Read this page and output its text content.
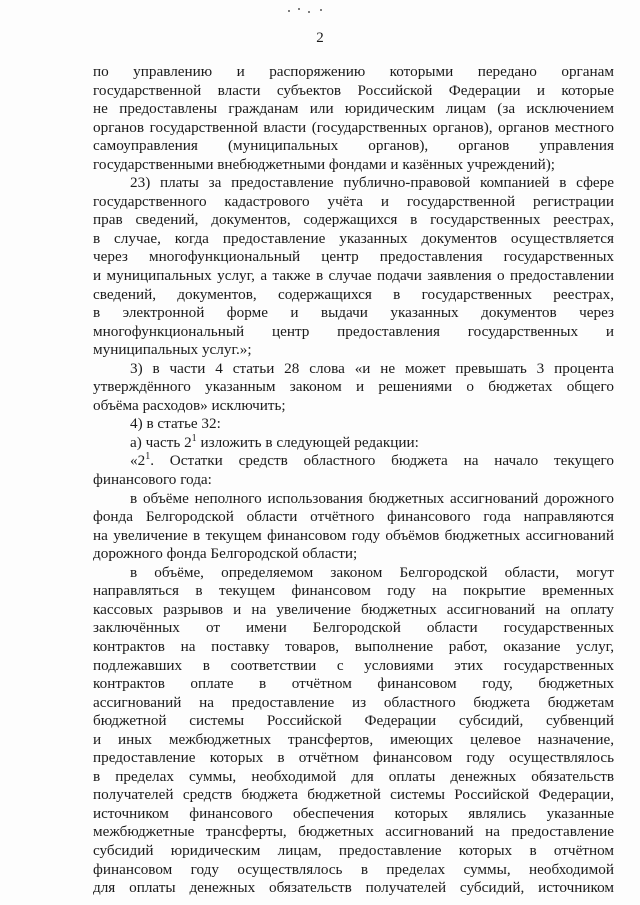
2
по управлению и распоряжению которыми передано органам
государственной власти субъектов Российской Федерации и которые
не предоставлены гражданам или юридическим лицам (за исключением
органов государственной власти (государственных органов), органов местного
самоуправления (муниципальных органов), органов управления
государственными внебюджетными фондами и казённых учреждений);
23) платы за предоставление публично-правовой компанией в сфере
государственного кадастрового учёта и государственной регистрации
прав сведений, документов, содержащихся в государственных реестрах,
в случае, когда предоставление указанных документов осуществляется
через многофункциональный центр предоставления государственных
и муниципальных услуг, а также в случае подачи заявления о предоставлении
сведений, документов, содержащихся в государственных реестрах,
в электронной форме и выдачи указанных документов через
многофункциональный центр предоставления государственных и
муниципальных услуг.»;
3) в части 4 статьи 28 слова «и не может превышать 3 процента
утверждённого указанным законом и решениями о бюджетах общего
объёма расходов» исключить;
4) в статье 32:
а) часть $2^1$ изложить в следующей редакции:
«$2^1$. Остатки средств областного бюджета на начало текущего
финансового года:
в объёме неполного использования бюджетных ассигнований дорожного
фонда Белгородской области отчётного финансового года направляются
на увеличение в текущем финансовом году объёмов бюджетных ассигнований
дорожного фонда Белгородской области;
в объёме, определяемом законом Белгородской области, могут
направляться в текущем финансовом году на покрытие временных
кассовых разрывов и на увеличение бюджетных ассигнований на оплату
заключённых от имени Белгородской области государственных
контрактов на поставку товаров, выполнение работ, оказание услуг,
подлежавших в соответствии с условиями этих государственных
контрактов оплате в отчётном финансовом году, бюджетных
ассигнований на предоставление из областного бюджета бюджетам
бюджетной системы Российской Федерации субсидий, субвенций
и иных межбюджетных трансфертов, имеющих целевое назначение,
предоставление которых в отчётном финансовом году осуществлялось
в пределах суммы, необходимой для оплаты денежных обязательств
получателей средств бюджета бюджетной системы Российской Федерации,
источником финансового обеспечения которых являлись указанные
межбюджетные трансферты, бюджетных ассигнований на предоставление
субсидий юридическим лицам, предоставление которых в отчётном
финансовом году осуществлялось в пределах суммы, необходимой
для оплаты денежных обязательств получателей субсидий, источником
